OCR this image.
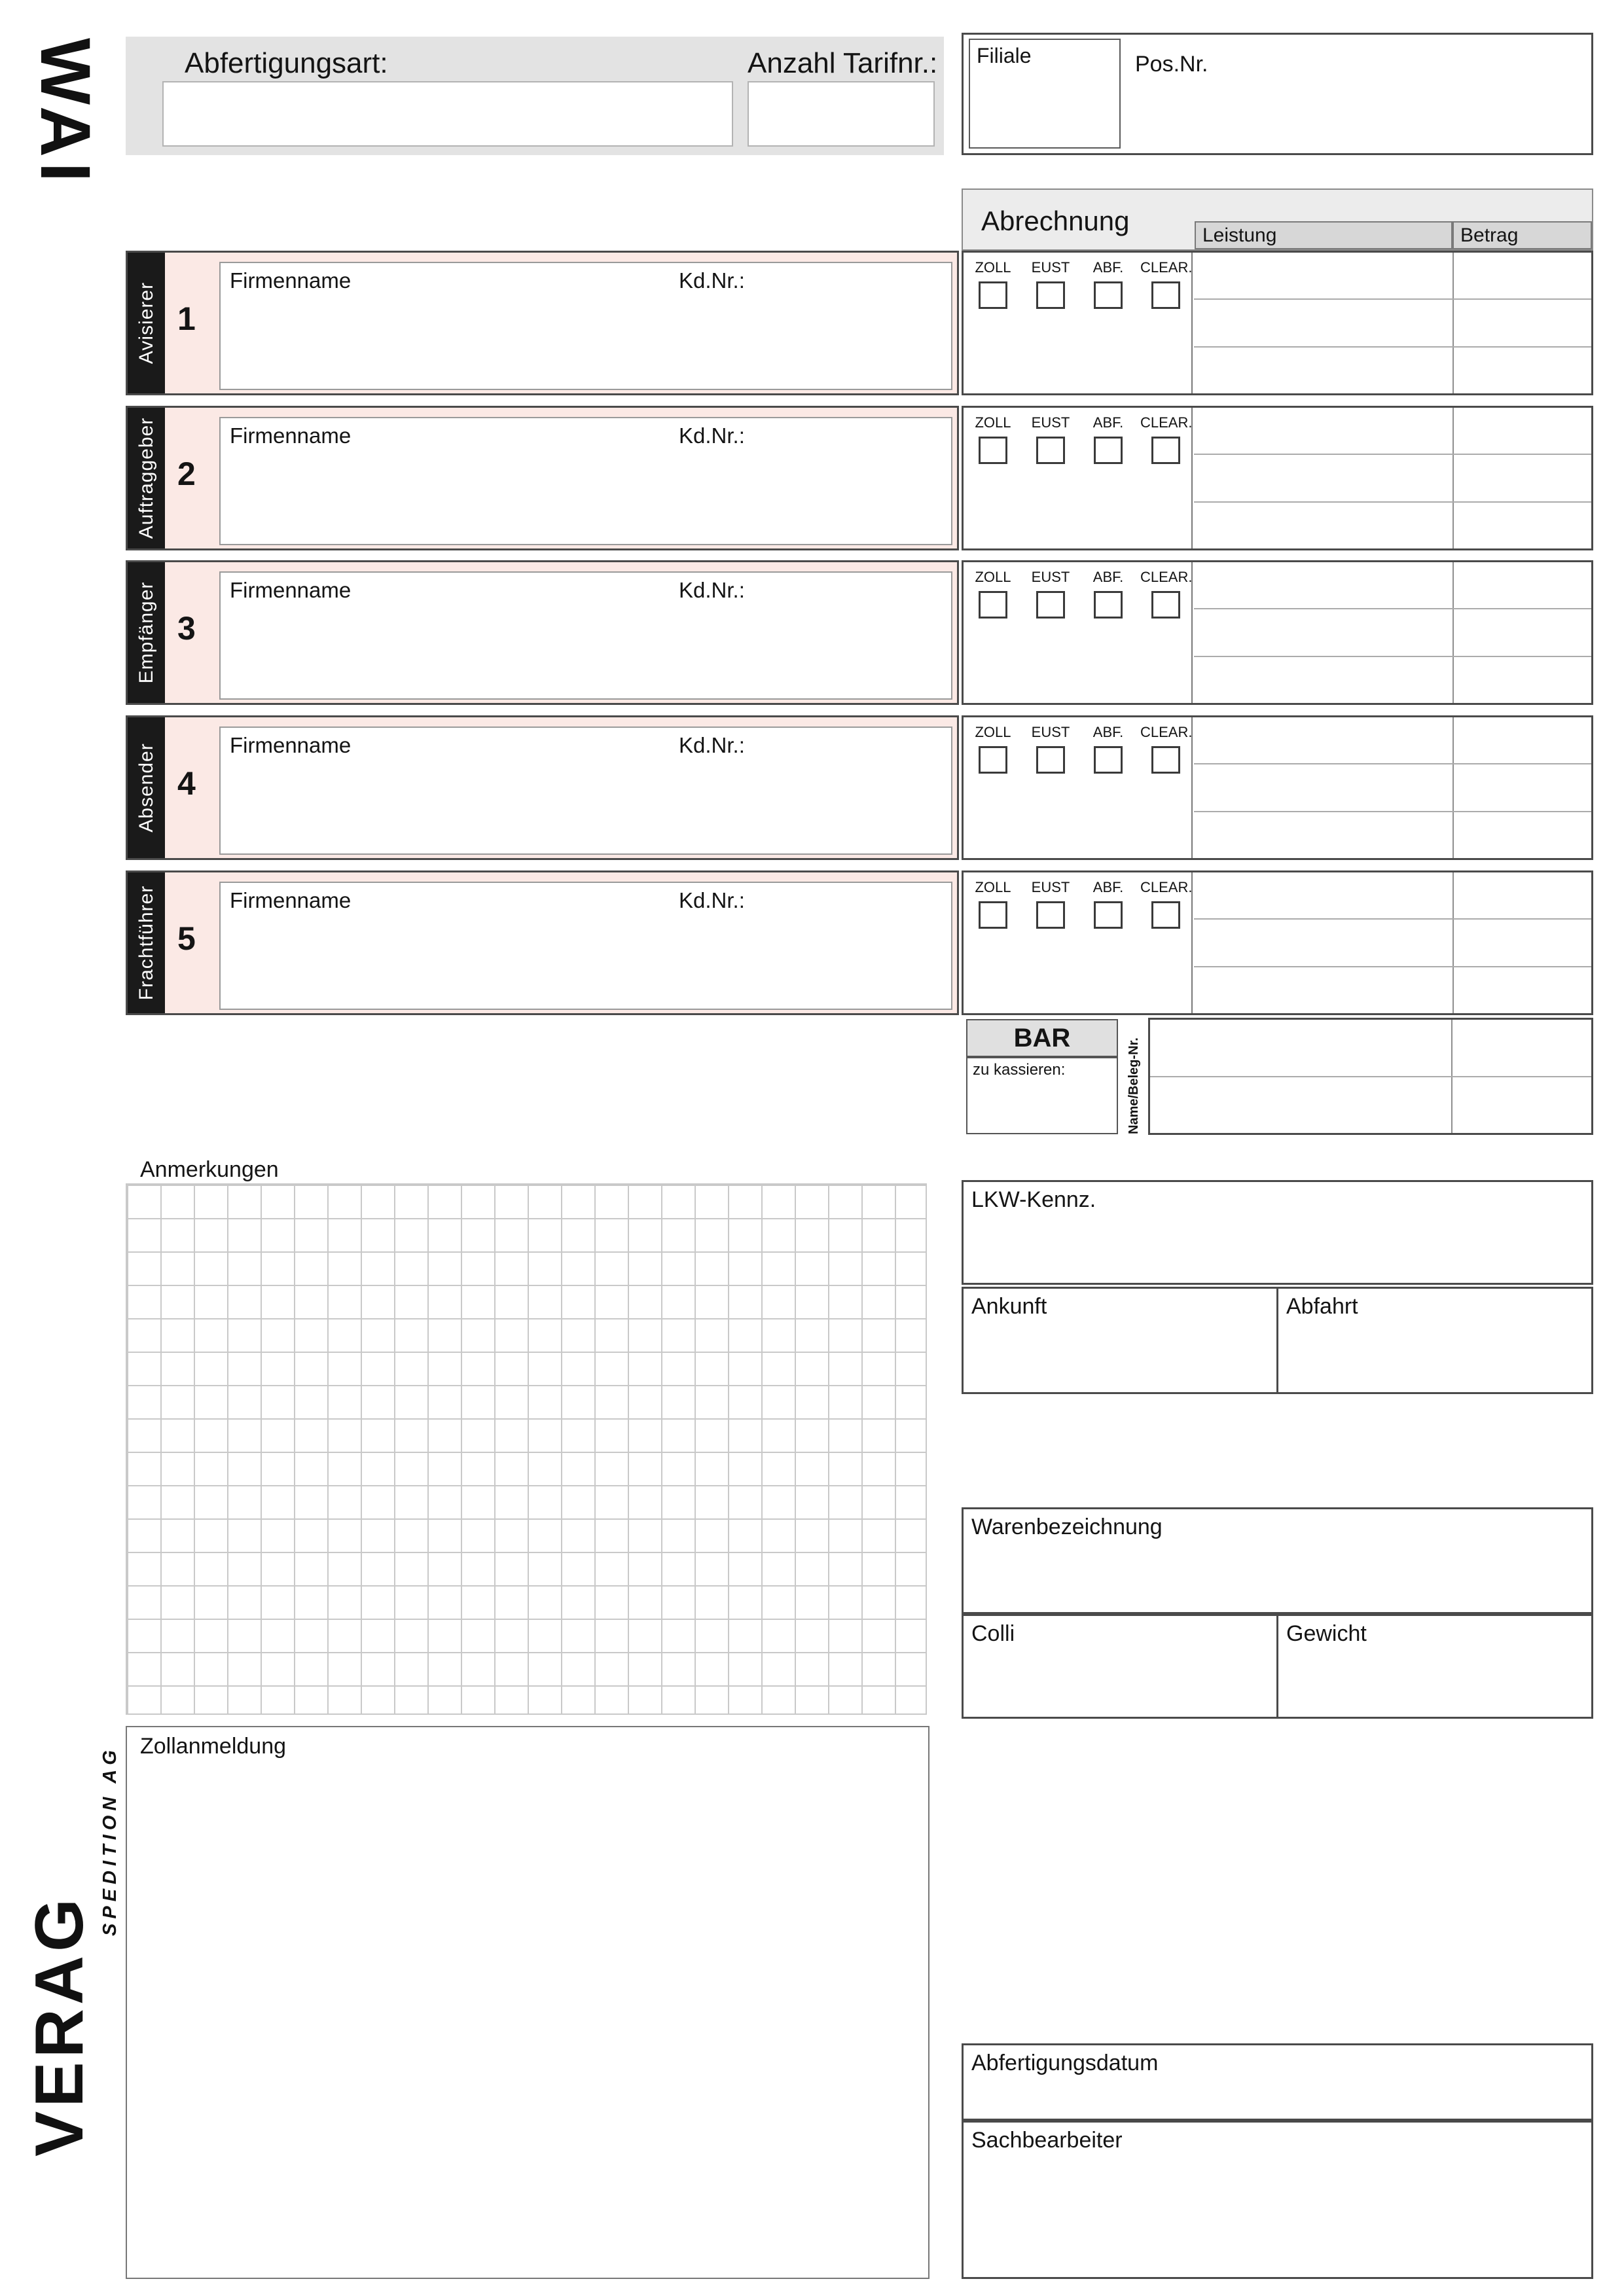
WAI
VERAG
SPEDITION AG
Abfertigungsart:	Anzahl Tarifnr.: Filiale	Pos.Nr.
Abrechnung	Leistung	Betrag
Avisierer 1
Firmenname	Kd.Nr.:
ZOLL	EUST	ABF.	CLEAR.
Auftraggeber 2
Firmenname	Kd.Nr.:
ZOLL	EUST	ABF.	CLEAR.
Empfänger 3
Firmenname	Kd.Nr.:
ZOLL	EUST	ABF.	CLEAR.
Absender 4
Firmenname	Kd.Nr.:
ZOLL	EUST	ABF.	CLEAR.
Frachtführer 5
Firmenname	Kd.Nr.:
ZOLL	EUST	ABF.	CLEAR.
BAR
zu kassieren:	Name/Beleg-Nr.
Anmerkungen
LKW-Kennz.
Ankunft	Abfahrt
Warenbezeichnung
Colli	Gewicht
Zollanmeldung
Abfertigungsdatum
Sachbearbeiter
